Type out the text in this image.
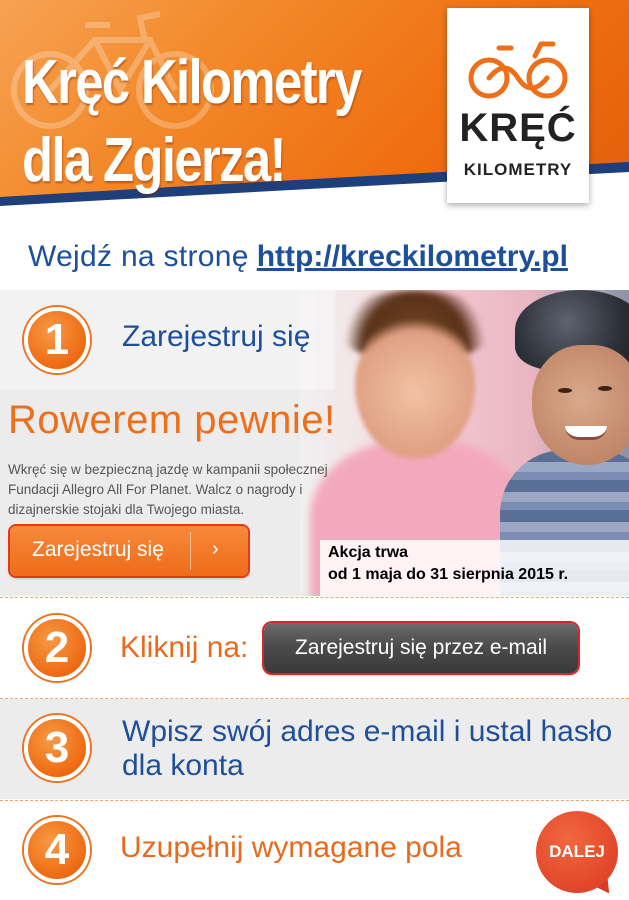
Kręć Kilometry
dla Zgierza!	KRĘĆ
KILOMETRY
Wejdź na stronę http://kreckilometry.pl
1	Zarejestruj się
Rowerem pewnie!
Wkręć się w bezpieczną jazdę w kampanii społecznej Fundacji Allegro All For Planet. Walcz o nagrody i dizajnerskie stojaki dla Twojego miasta.
Zarejestruj się ›	Akcja trwa
od 1 maja do 31 sierpnia 2015 r.
2	Kliknij na:	Zarejestruj się przez e-mail
3	Wpisz swój adres e-mail i ustal hasło
dla konta
4	Uzupełnij wymagane pola	DALEJ
